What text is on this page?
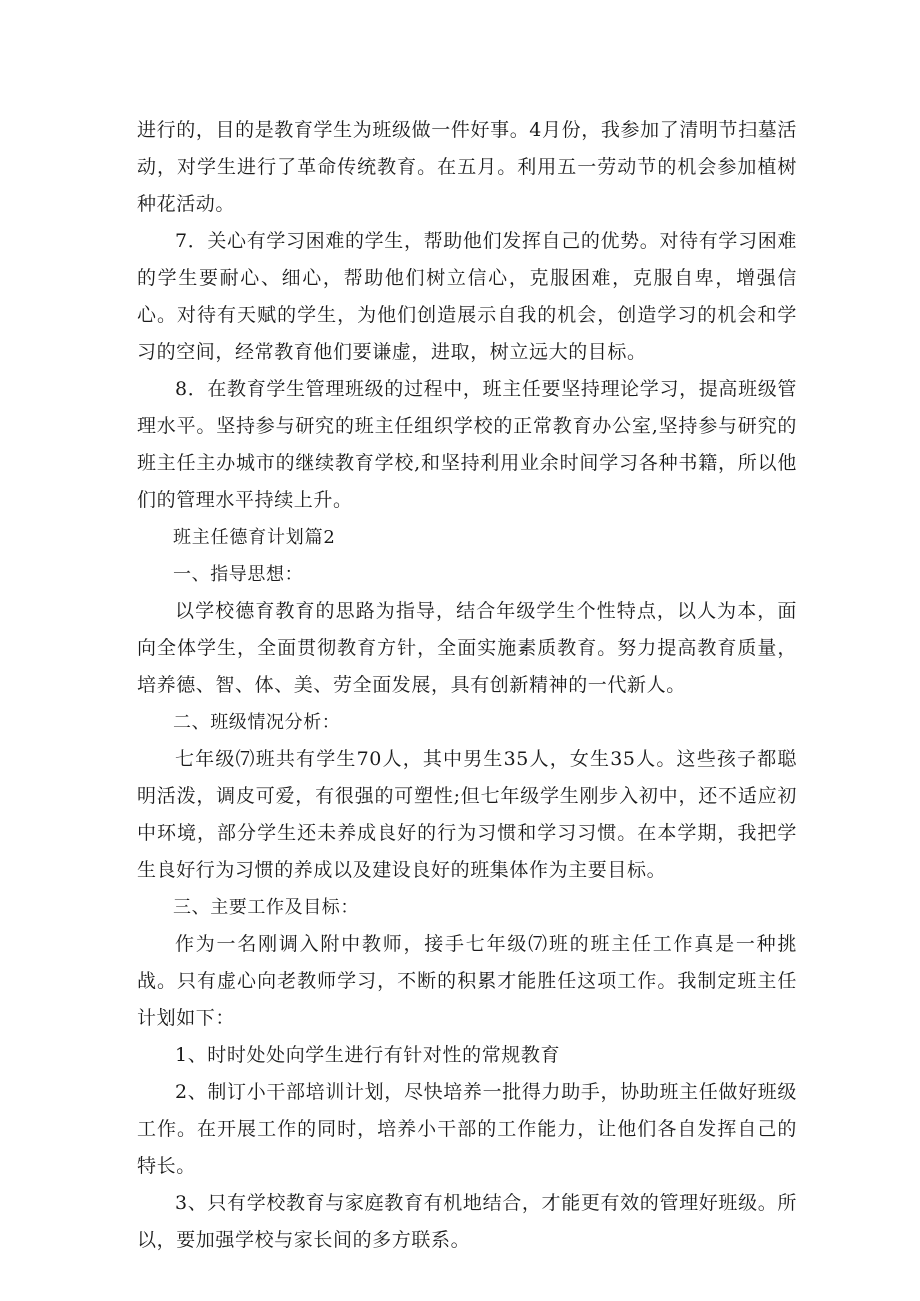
进行的，目的是教育学生为班级做一件好事。4月份，我参加了清明节扫墓活动，对学生进行了革命传统教育。在五月。利用五一劳动节的机会参加植树种花活动。

7．关心有学习困难的学生，帮助他们发挥自己的优势。对待有学习困难的学生要耐心、细心，帮助他们树立信心，克服困难，克服自卑，增强信心。对待有天赋的学生，为他们创造展示自我的机会，创造学习的机会和学习的空间，经常教育他们要谦虚，进取，树立远大的目标。

8．在教育学生管理班级的过程中，班主任要坚持理论学习，提高班级管理水平。坚持参与研究的班主任组织学校的正常教育办公室,坚持参与研究的班主任主办城市的继续教育学校,和坚持利用业余时间学习各种书籍，所以他们的管理水平持续上升。

班主任德育计划篇2

一、指导思想：

以学校德育教育的思路为指导，结合年级学生个性特点，以人为本，面向全体学生，全面贯彻教育方针，全面实施素质教育。努力提高教育质量，培养德、智、体、美、劳全面发展，具有创新精神的一代新人。

二、班级情况分析：

七年级⑺班共有学生70人，其中男生35人，女生35人。这些孩子都聪明活泼，调皮可爱，有很强的可塑性;但七年级学生刚步入初中，还不适应初中环境，部分学生还未养成良好的行为习惯和学习习惯。在本学期，我把学生良好行为习惯的养成以及建设良好的班集体作为主要目标。

三、主要工作及目标：

作为一名刚调入附中教师，接手七年级⑺班的班主任工作真是一种挑战。只有虚心向老教师学习，不断的积累才能胜任这项工作。我制定班主任计划如下：

1、时时处处向学生进行有针对性的常规教育

2、制订小干部培训计划，尽快培养一批得力助手，协助班主任做好班级工作。在开展工作的同时，培养小干部的工作能力，让他们各自发挥自己的特长。

3、只有学校教育与家庭教育有机地结合，才能更有效的管理好班级。所以，要加强学校与家长间的多方联系。
